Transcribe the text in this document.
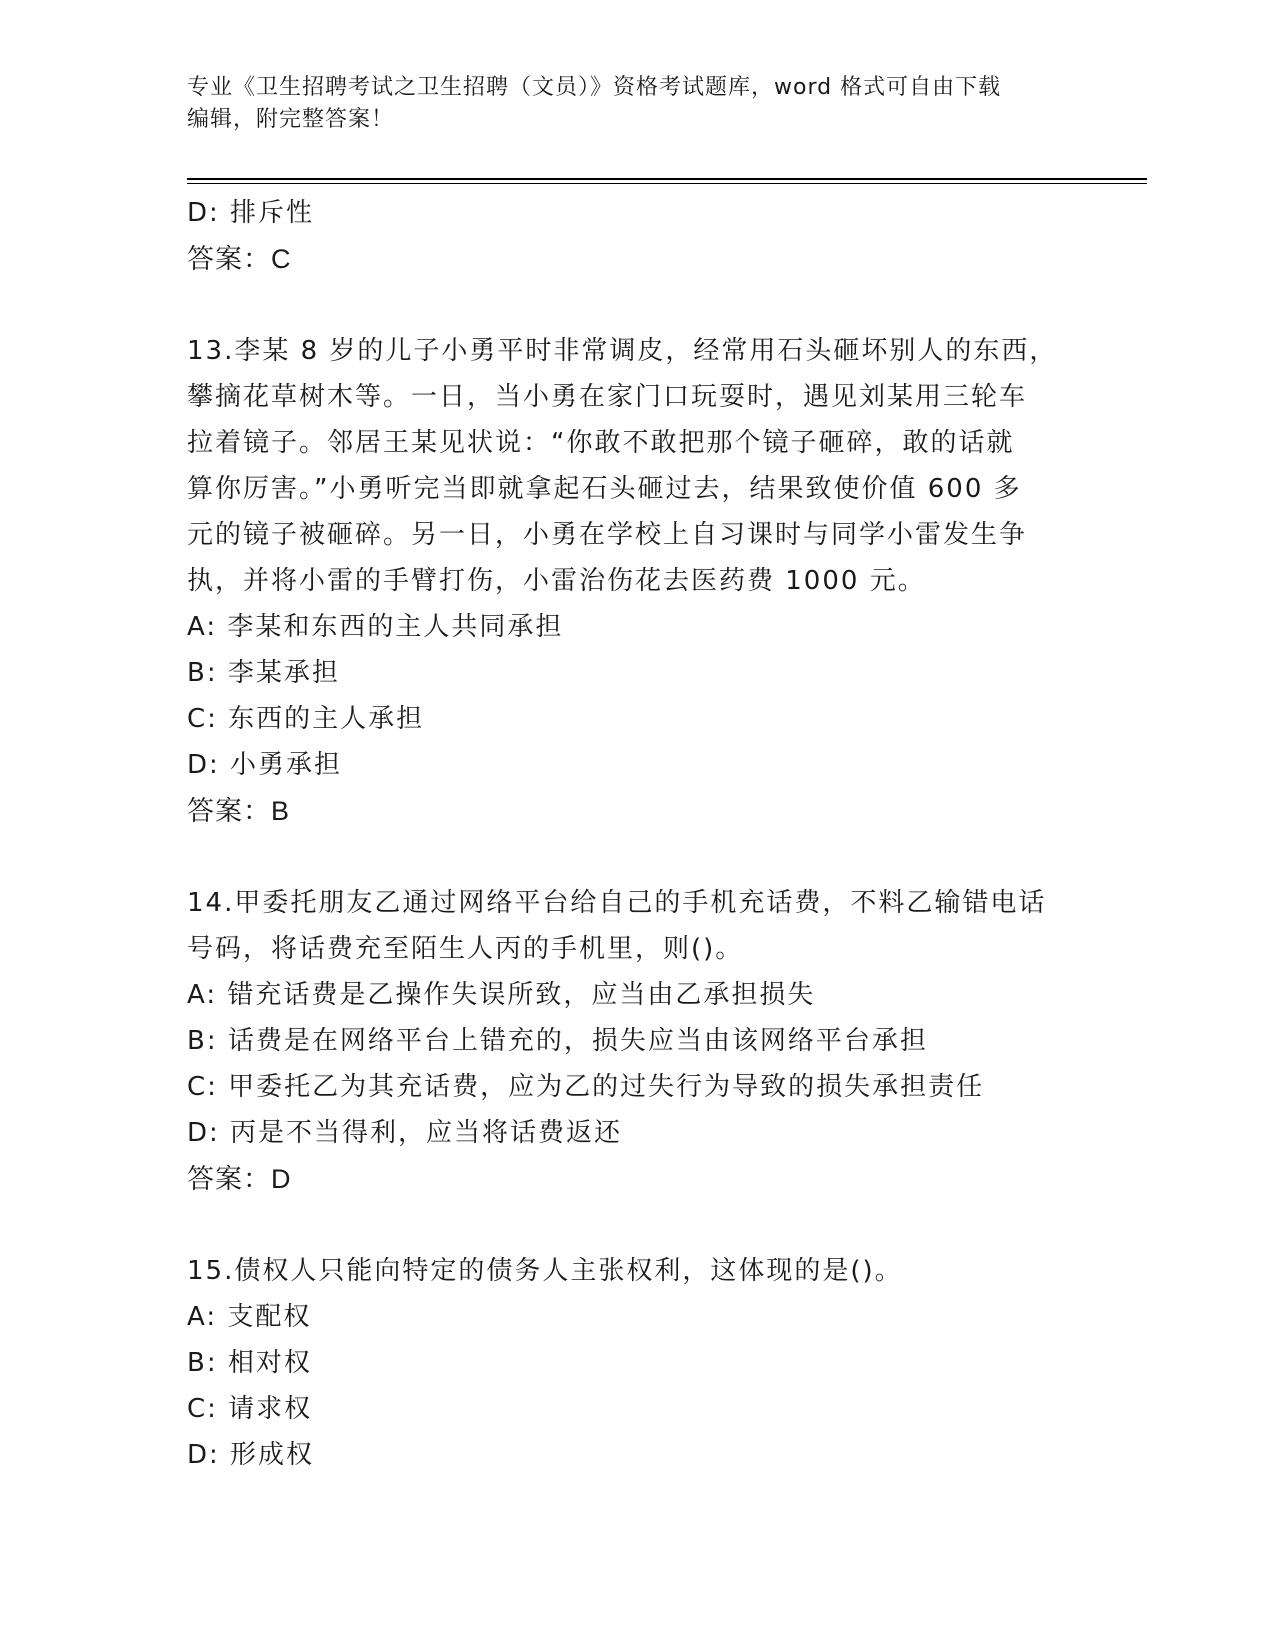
专业《卫生招聘考试之卫生招聘（文员）》资格考试题库，word 格式可自由下载
编辑，附完整答案！
D: 排斥性
答案：C
13.李某 8 岁的儿子小勇平时非常调皮，经常用石头砸坏别人的东西，
攀摘花草树木等。一日，当小勇在家门口玩耍时，遇见刘某用三轮车
拉着镜子。邻居王某见状说：“你敢不敢把那个镜子砸碎，敢的话就
算你厉害。”小勇听完当即就拿起石头砸过去，结果致使价值 600 多
元的镜子被砸碎。另一日，小勇在学校上自习课时与同学小雷发生争
执，并将小雷的手臂打伤，小雷治伤花去医药费 1000 元。
A: 李某和东西的主人共同承担
B: 李某承担
C: 东西的主人承担
D: 小勇承担
答案：B
14.甲委托朋友乙通过网络平台给自己的手机充话费，不料乙输错电话
号码，将话费充至陌生人丙的手机里，则()。
A: 错充话费是乙操作失误所致，应当由乙承担损失
B: 话费是在网络平台上错充的，损失应当由该网络平台承担
C: 甲委托乙为其充话费，应为乙的过失行为导致的损失承担责任
D: 丙是不当得利，应当将话费返还
答案：D
15.债权人只能向特定的债务人主张权利，这体现的是()。
A: 支配权
B: 相对权
C: 请求权
D: 形成权
